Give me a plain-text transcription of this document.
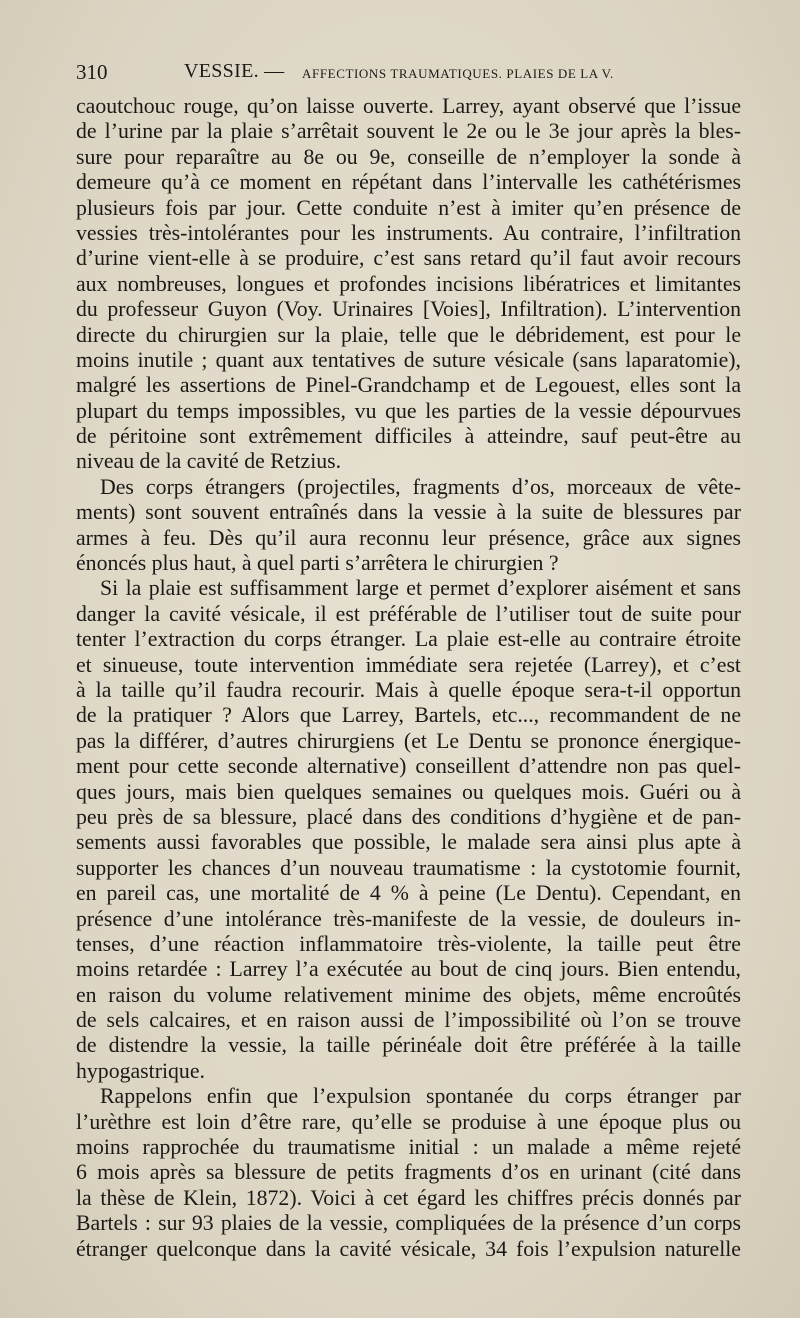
310	VESSIE. — AFFECTIONS TRAUMATIQUES. PLAIES DE LA V.
caoutchouc rouge, qu’on laisse ouverte. Larrey, ayant observé que l’issue
de l’urine par la plaie s’arrêtait souvent le 2e ou le 3e jour après la bles-
sure pour reparaître au 8e ou 9e, conseille de n’employer la sonde à
demeure qu’à ce moment en répétant dans l’intervalle les cathétérismes
plusieurs fois par jour. Cette conduite n’est à imiter qu’en présence de
vessies très-intolérantes pour les instruments. Au contraire, l’infiltration
d’urine vient-elle à se produire, c’est sans retard qu’il faut avoir recours
aux nombreuses, longues et profondes incisions libératrices et limitantes
du professeur Guyon (Voy. Urinaires [Voies], Infiltration). L’intervention
directe du chirurgien sur la plaie, telle que le débridement, est pour le
moins inutile ; quant aux tentatives de suture vésicale (sans laparatomie),
malgré les assertions de Pinel-Grandchamp et de Legouest, elles sont la
plupart du temps impossibles, vu que les parties de la vessie dépourvues
de péritoine sont extrêmement difficiles à atteindre, sauf peut-être au
niveau de la cavité de Retzius.
Des corps étrangers (projectiles, fragments d’os, morceaux de vête-
ments) sont souvent entraînés dans la vessie à la suite de blessures par
armes à feu. Dès qu’il aura reconnu leur présence, grâce aux signes
énoncés plus haut, à quel parti s’arrêtera le chirurgien ?
Si la plaie est suffisamment large et permet d’explorer aisément et sans
danger la cavité vésicale, il est préférable de l’utiliser tout de suite pour
tenter l’extraction du corps étranger. La plaie est-elle au contraire étroite
et sinueuse, toute intervention immédiate sera rejetée (Larrey), et c’est
à la taille qu’il faudra recourir. Mais à quelle époque sera-t-il opportun
de la pratiquer ? Alors que Larrey, Bartels, etc..., recommandent de ne
pas la différer, d’autres chirurgiens (et Le Dentu se prononce énergique-
ment pour cette seconde alternative) conseillent d’attendre non pas quel-
ques jours, mais bien quelques semaines ou quelques mois. Guéri ou à
peu près de sa blessure, placé dans des conditions d’hygiène et de pan-
sements aussi favorables que possible, le malade sera ainsi plus apte à
supporter les chances d’un nouveau traumatisme : la cystotomie fournit,
en pareil cas, une mortalité de 4 % à peine (Le Dentu). Cependant, en
présence d’une intolérance très-manifeste de la vessie, de douleurs in-
tenses, d’une réaction inflammatoire très-violente, la taille peut être
moins retardée : Larrey l’a exécutée au bout de cinq jours. Bien entendu,
en raison du volume relativement minime des objets, même encroûtés
de sels calcaires, et en raison aussi de l’impossibilité où l’on se trouve
de distendre la vessie, la taille périnéale doit être préférée à la taille
hypogastrique.
Rappelons enfin que l’expulsion spontanée du corps étranger par
l’urèthre est loin d’être rare, qu’elle se produise à une époque plus ou
moins rapprochée du traumatisme initial : un malade a même rejeté
6 mois après sa blessure de petits fragments d’os en urinant (cité dans
la thèse de Klein, 1872). Voici à cet égard les chiffres précis donnés par
Bartels : sur 93 plaies de la vessie, compliquées de la présence d’un corps
étranger quelconque dans la cavité vésicale, 34 fois l’expulsion naturelle
